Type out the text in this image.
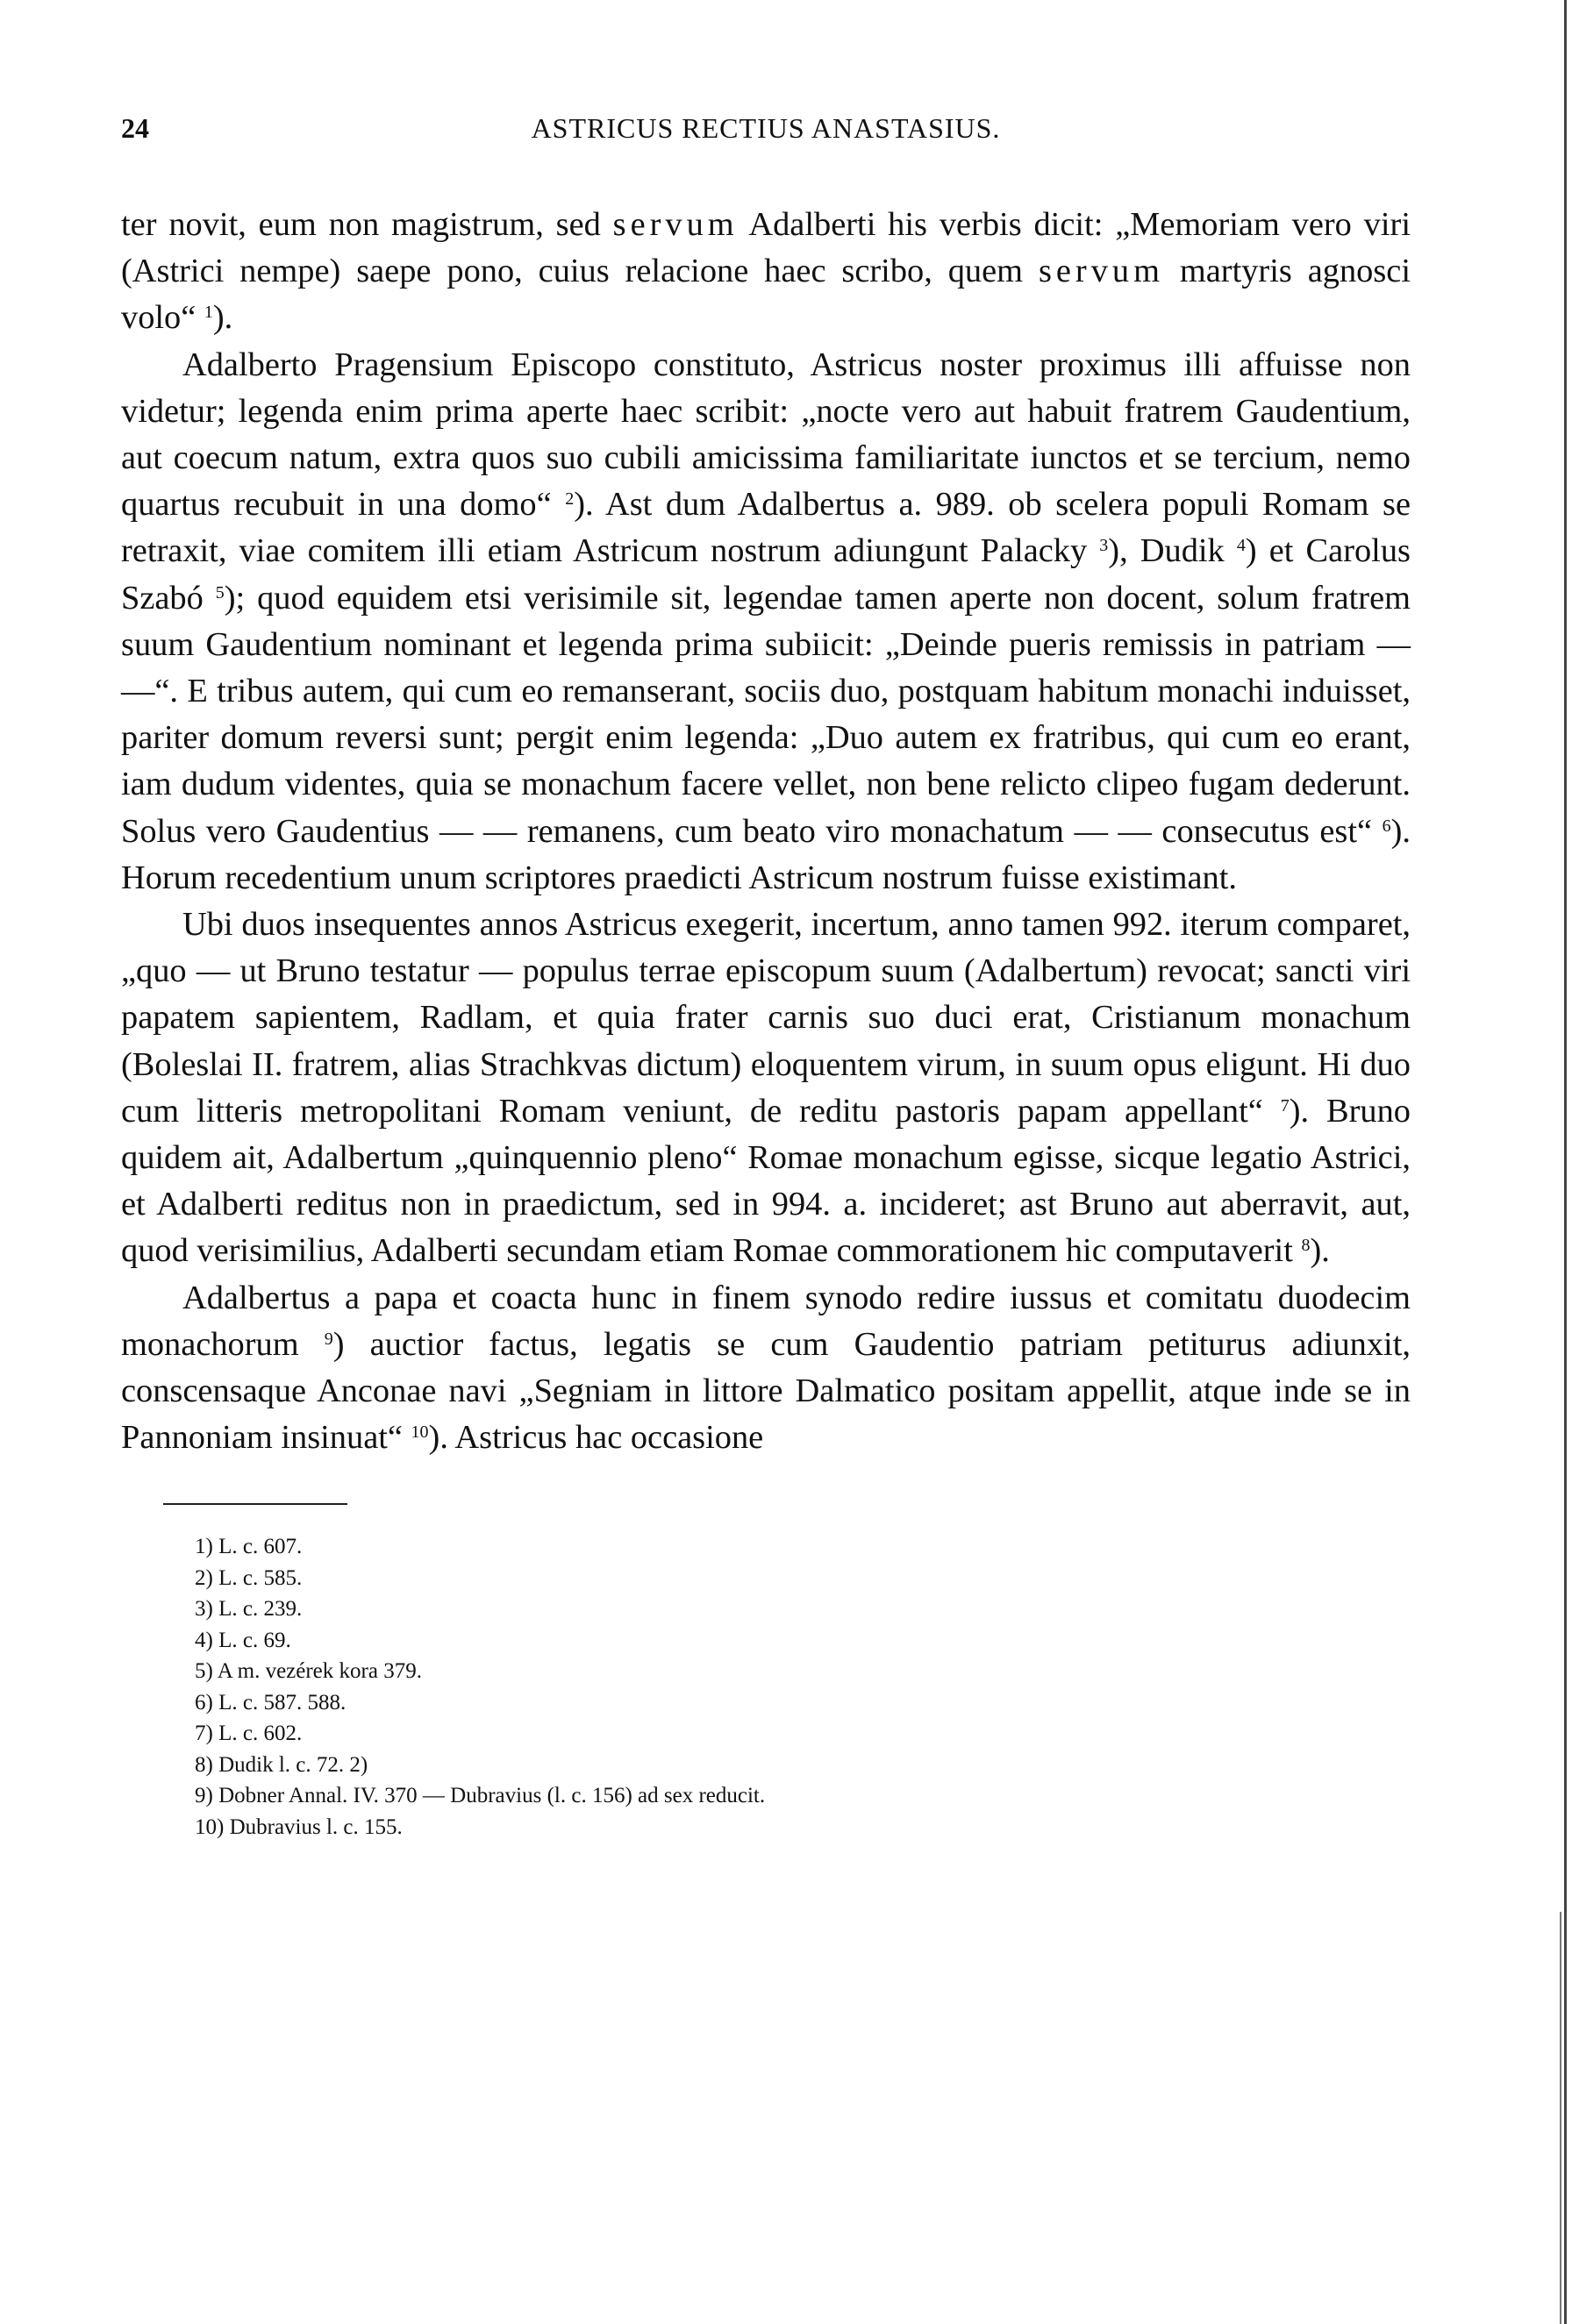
24	ASTRICUS RECTIUS ANASTASIUS.

ter novit, eum non magistrum, sed servum Adalberti his verbis dicit: „Memoriam vero viri (Astrici nempe) saepe pono, cuius relacione haec scribo, quem servum martyris agnosci volo“ $^1$).

Adalberto Pragensium Episcopo constituto, Astricus noster proximus illi affuisse non videtur; legenda enim prima aperte haec scribit: „nocte vero aut habuit fratrem Gaudentium, aut coecum natum, extra quos suo cubili amicissima familiaritate iunctos et se tercium, nemo quartus recubuit in una domo“ $^2$). Ast dum Adalbertus a. 989. ob scelera populi Romam se retraxit, viae comitem illi etiam Astricum nostrum adiungunt Palacky $^3$), Dudik $^4$) et Carolus Szabó $^5$); quod equidem etsi verisimile sit, legendae tamen aperte non docent, solum fratrem suum Gaudentium nominant et legenda prima subiicit: „Deinde pueris remissis in patriam — —“. E tribus autem, qui cum eo remanserant, sociis duo, postquam habitum monachi induisset, pariter domum reversi sunt; pergit enim legenda: „Duo autem ex fratribus, qui cum eo erant, iam dudum videntes, quia se monachum facere vellet, non bene relicto clipeo fugam dederunt. Solus vero Gaudentius — — remanens, cum beato viro monachatum — — consecutus est“ $^6$). Horum recedentium unum scriptores praedicti Astricum nostrum fuisse existimant.

Ubi duos insequentes annos Astricus exegerit, incertum, anno tamen 992. iterum comparet, „quo — ut Bruno testatur — populus terrae episcopum suum (Adalbertum) revocat; sancti viri papatem sapientem, Radlam, et quia frater carnis suo duci erat, Cristianum monachum (Boleslai II. fratrem, alias Strachkvas dictum) eloquentem virum, in suum opus eligunt. Hi duo cum litteris metropolitani Romam veniunt, de reditu pastoris papam appellant“ $^7$). Bruno quidem ait, Adalbertum „quinquennio pleno“ Romae monachum egisse, sicque legatio Astrici, et Adalberti reditus non in praedictum, sed in 994. a. incideret; ast Bruno aut aberravit, aut, quod verisimilius, Adalberti secundam etiam Romae commorationem hic computaverit $^8$).

Adalbertus a papa et coacta hunc in finem synodo redire iussus et comitatu duodecim monachorum $^9$) auctior factus, legatis se cum Gaudentio patriam petiturus adiunxit, conscensaque Anconae navi „Segniam in littore Dalmatico positam appellit, atque inde se in Pannoniam insinuat“ $^{10}$). Astricus hac occasione

1) L. c. 607.
2) L. c. 585.
3) L. c. 239.
4) L. c. 69.
5) A m. vezérek kora 379.
6) L. c. 587. 588.
7) L. c. 602.
8) Dudik l. c. 72. 2)
9) Dobner Annal. IV. 370 — Dubravius (l. c. 156) ad sex reducit.
10) Dubravius l. c. 155.
